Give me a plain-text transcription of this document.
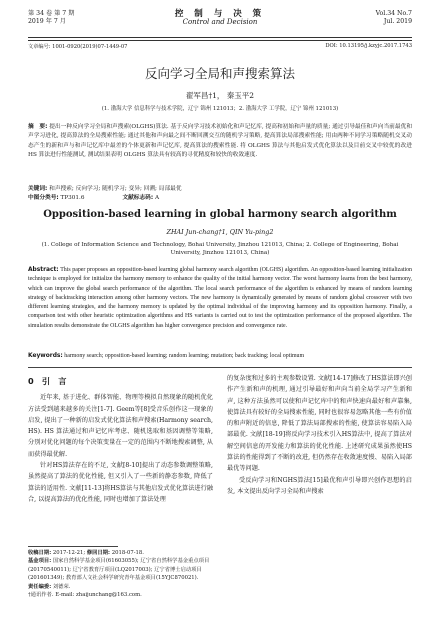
第 34 卷 第 7 期
2019 年 7 月
控 制 与 决 策
Control and Decision
Vol.34 No.7
Jul. 2019
文章编号: 1001-0920(2019)07-1449-07	DOI: 10.13195/j.kzyjc.2017.1743
反向学习全局和声搜索算法
翟军昌†1， 秦玉平2
(1. 渤海大学 信息科学与技术学院，辽宁 锦州 121013；2. 渤海大学 工学院，辽宁 锦州 121013)
摘　要: 提出一种反向学习全局和声搜索(OLGHS)算法. 基于反向学习技术初始化和声记忆库, 提高和初始和声量的质量; 通过引导最佳和声向当前最优和声学习进化, 提高算法的全局搜索性能; 通过其他和声向最之间不断回溯交互的随机学习策略, 提高算法局部搜索性能; 用由两种不同学习策略随机交叉动态产生的新和声与和声记忆库中最差的个体更新和声记忆库, 提高算法的搜索性能. 将 OLGHS 算法与其他启发式优化算法以及目前交叉中较优的改进 HS 算法进行性能测试, 测试结果表明 OLGHS 算法具有较高的寻优精度和较快的收敛速度.
关键词: 和声搜索; 反向学习; 随机学习; 变异; 回溯; 局部最优
中图分类号: TP301.6	文献标志码: A
Opposition-based learning in global harmony search algorithm
ZHAI Jun-chang†1, QIN Yu-ping2
(1. College of Information Science and Technology, Bohai University, Jinzhou 121013, China; 2. College of Engineering, Bohai University, Jinzhou 121013, China)
Abstract: This paper proposes an opposition-based learning global harmony search algorithm (OLGHS) algorithm. An opposition-based learning initialization technique is employed for initialize the harmony memory to enhance the quality of the initial harmony vector. The worst harmony learns from the best harmony, which can improve the global search performance of the algorithm. The local search performance of the algorithm is enhanced by means of random learning strategy of backtracking interaction among other harmony vectors. The new harmony is dynamically generated by means of random global crossover with two different learning strategies, and the harmony memory is updated by the optimal individual of the improving harmony and its opposition harmony. Finally, a comparison test with other heuristic optimization algorithms and HS variants is carried out to test the optimization performance of the proposed algorithm. The simulation results demonstrate the OLGHS algorithm has higher convergence precision and convergence rate.
Keywords: harmony search; opposition-based learning; random learning; mutation; back tracking; local optimum
0　引　言

近年来, 基于进化、群体智能、物理等模拟自然现象的随机优化方法受到越来越多的关注[1-7]. Geem等[8]受音乐创作这一现象的启发, 提出了一种新的启发式优化算法和声搜索(Harmony search, HS). HS 算法通过和声记忆库考虑、随机选取和基因调整等策略, 分别对优化问题的每个决策变量在一定的范围内不断地搜索调整, 从而获得最优解.

针对HS算法存在的不足, 文献[8-10]提出了动态参数调整策略, 虽然提高了算法的优化性能, 但又引入了一些新的静态参数, 降低了算法的适用性. 文献[11-13]将HS算法与其他启发式优化算法进行融合, 以提高算法的优化性能, 同时也增加了算法处理

的复杂度和过多的主观参数设置. 文献[14-17]修改了HS算法即兴创作产生新和声的机理, 通过引导最好和声向当前全局学习产生新和声, 这种方法虽然可以使和声记忆库中的和声快速向最好和声靠集, 使算法具有较好的全局搜索性能, 同时也很容易忽略其他一些有价值的和声附近的信息, 降低了算法局部搜索的性能, 使算法容易陷入局部最优. 文献[18-19]将反向学习技术引入HS算法中, 提高了算法对解空间信息的开发能力和算法的优化性能. 上述研究成果虽然使HS算法的性能得到了不断的改进, 但仍然存在收敛速度慢、易陷入局部最优等问题.

受反向学习和NGHS算法[15]最优和声引导即兴创作思想的启发, 本文提出反向学习全局和声搜索

收稿日期: 2017-12-21; 修回日期: 2018-07-18.
基金项目: 国家自然科学基金项目(61603055); 辽宁省自然科学基金重点项目(20170540011); 辽宁省教育厅项目(LQ2017003); 辽宁省博士启动项目(201601349); 教育部人文社会科学研究青年基金项目(15YJC870021).
责任编委: 刘德荣.
†通讯作者. E-mail: zhaijunchang@163.com.
